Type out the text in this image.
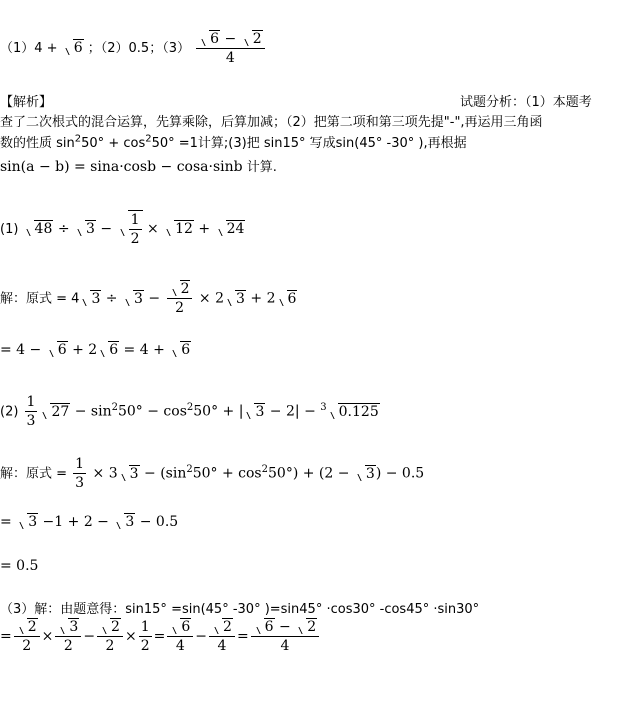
（1）4 + 6 ；（2）0.5；$(3) \frac{6 - 2}{4}$
【解析】	试题分析：（1）本题考
查了二次根式的混合运算，先算乘除，后算加减；（2）把第二项和第三项先提"-",再运用三角函
数的性质 $\sin^250^\circ + \cos^250^\circ =1$计算;(3)把 sin15° 写成sin(45° -30° ),再根据
sin(a − b) = sina·cosb − cosa·sinb 计算.
(1) $48 \div 3 - \frac{1}{2} \times 12 + 24$
解：原式 = 4 $3 \div 3 - \frac{2}{2} \times 2$ 3 + 2 6
= 4 − 6 + 2 6 = 4 + 6
$(2) \frac{1}{3} 27 - \sin^250^\circ - \cos^250^\circ$ + | 3 − 2| − $^3$ 0.125
解：原式 = $\frac{1}{3} \times 3$ $3 - (\sin^250^\circ + \cos^250^\circ) + (2 - 3) - 0.5$
= 3 −1 + 2 − 3 − 0.5
= 0.5
（3）解：由题意得：sin15° =sin(45° -30° )=sin45° ·cos30° -cos45° ·sin30°
= $\frac{2}{2} \times \frac{3}{2} - \frac{2}{2} \times \frac{1}{2} = \frac{6}{4} - \frac{2}{4} = \frac{6 - 2}{4}$
